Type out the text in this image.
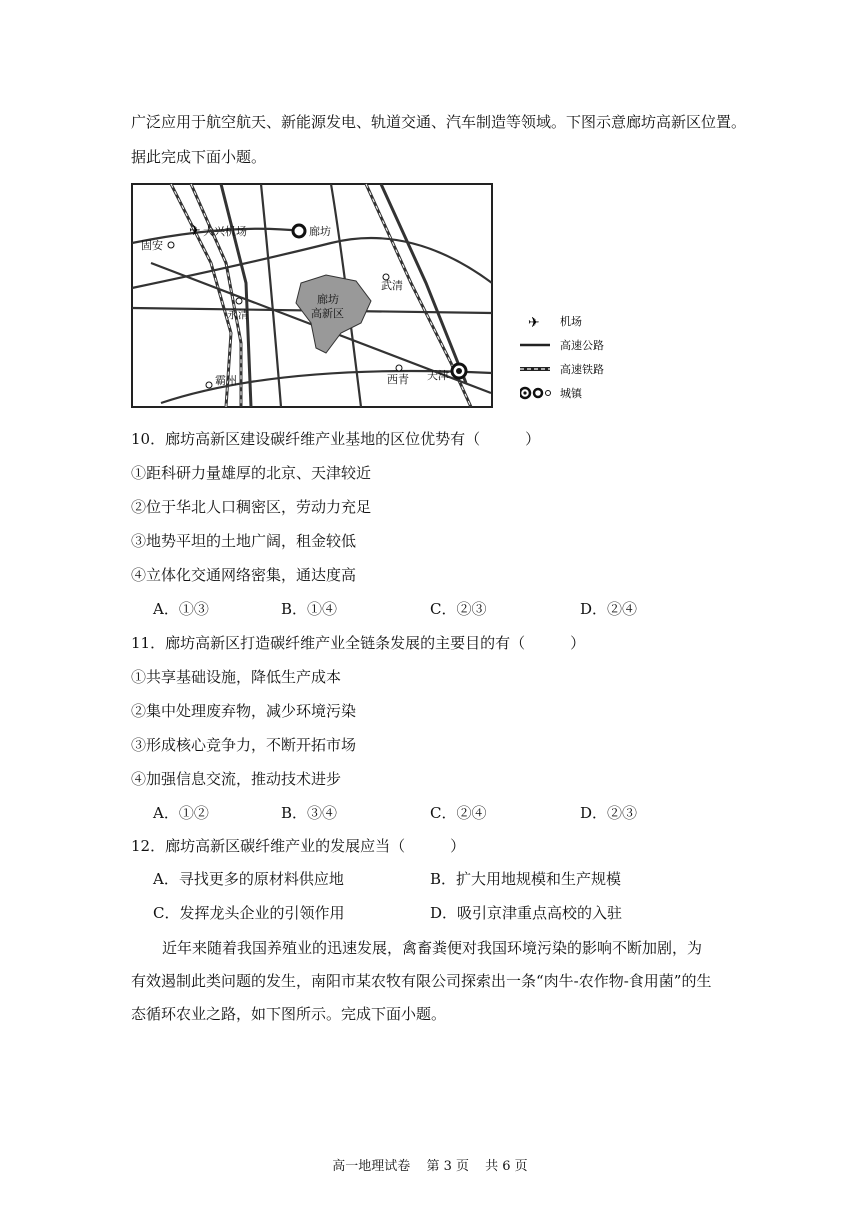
广泛应用于航空航天、新能源发电、轨道交通、汽车制造等领域。下图示意廊坊高新区位置。
据此完成下面小题。
✈
固安
大兴机场	廊坊
武清
廊坊
高新区
永清
霸州	西青 天津
✈ 机场
高速公路
高速铁路
城镇
10．廊坊高新区建设碳纤维产业基地的区位优势有（　　　）
①距科研力量雄厚的北京、天津较近
②位于华北人口稠密区，劳动力充足
③地势平坦的土地广阔，租金较低
④立体化交通网络密集，通达度高
A．①③	B．①④	C．②③	D．②④
11．廊坊高新区打造碳纤维产业全链条发展的主要目的有（　　　）
①共享基础设施，降低生产成本
②集中处理废弃物，减少环境污染
③形成核心竞争力，不断开拓市场
④加强信息交流，推动技术进步
A．①②	B．③④	C．②④	D．②③
12．廊坊高新区碳纤维产业的发展应当（　　　）
A．寻找更多的原材料供应地	B．扩大用地规模和生产规模
C．发挥龙头企业的引领作用	D．吸引京津重点高校的入驻
近年来随着我国养殖业的迅速发展，禽畜粪便对我国环境污染的影响不断加剧，为
有效遏制此类问题的发生，南阳市某农牧有限公司探索出一条“肉牛-农作物-食用菌”的生
态循环农业之路，如下图所示。完成下面小题。
高一地理试卷 第 3 页 共 6 页
